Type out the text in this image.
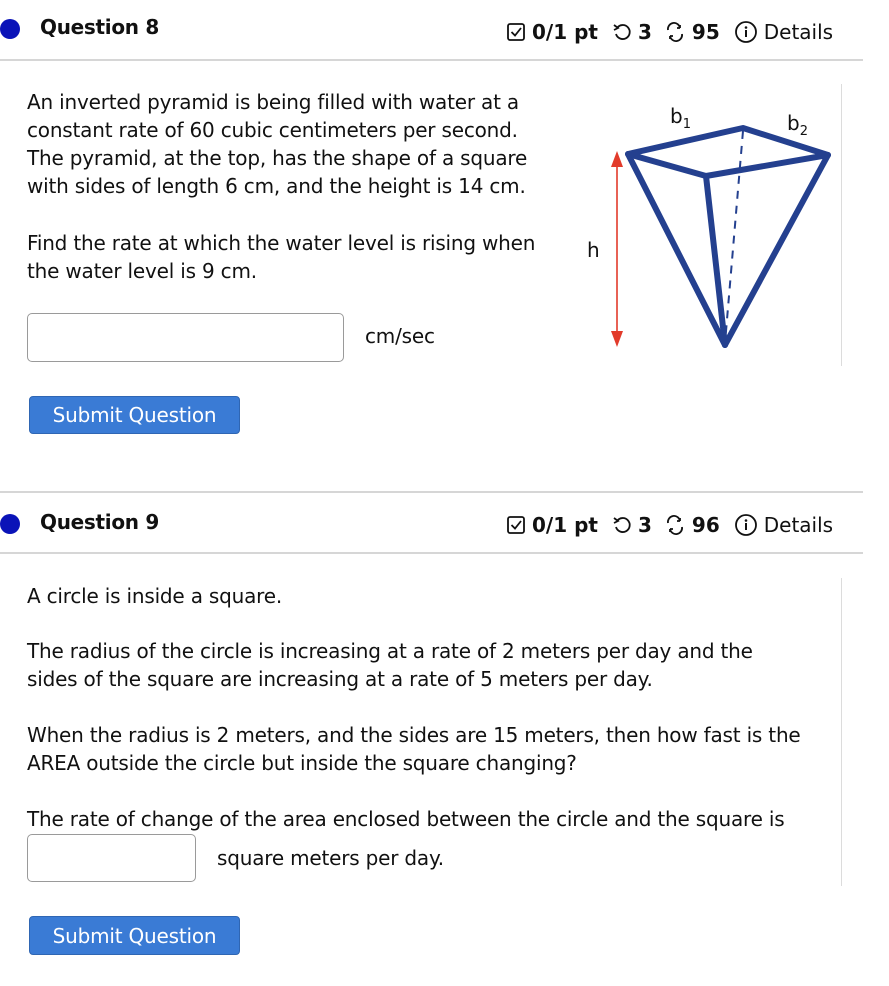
Question 8	0/1 pt 3 95 Details
An inverted pyramid is being filled with water at a
constant rate of 60 cubic centimeters per second.
The pyramid, at the top, has the shape of a square
with sides of length 6 cm, and the height is 14 cm.
Find the rate at which the water level is rising when
the water level is 9 cm.
cm/sec
Submit Question
$b_1$	$b_2$
h
Question 9	0/1 pt 3 96 Details
A circle is inside a square.
The radius of the circle is increasing at a rate of 2 meters per day and the
sides of the square are increasing at a rate of 5 meters per day.
When the radius is 2 meters, and the sides are 15 meters, then how fast is the
AREA outside the circle but inside the square changing?
The rate of change of the area enclosed between the circle and the square is
square meters per day.
Submit Question
